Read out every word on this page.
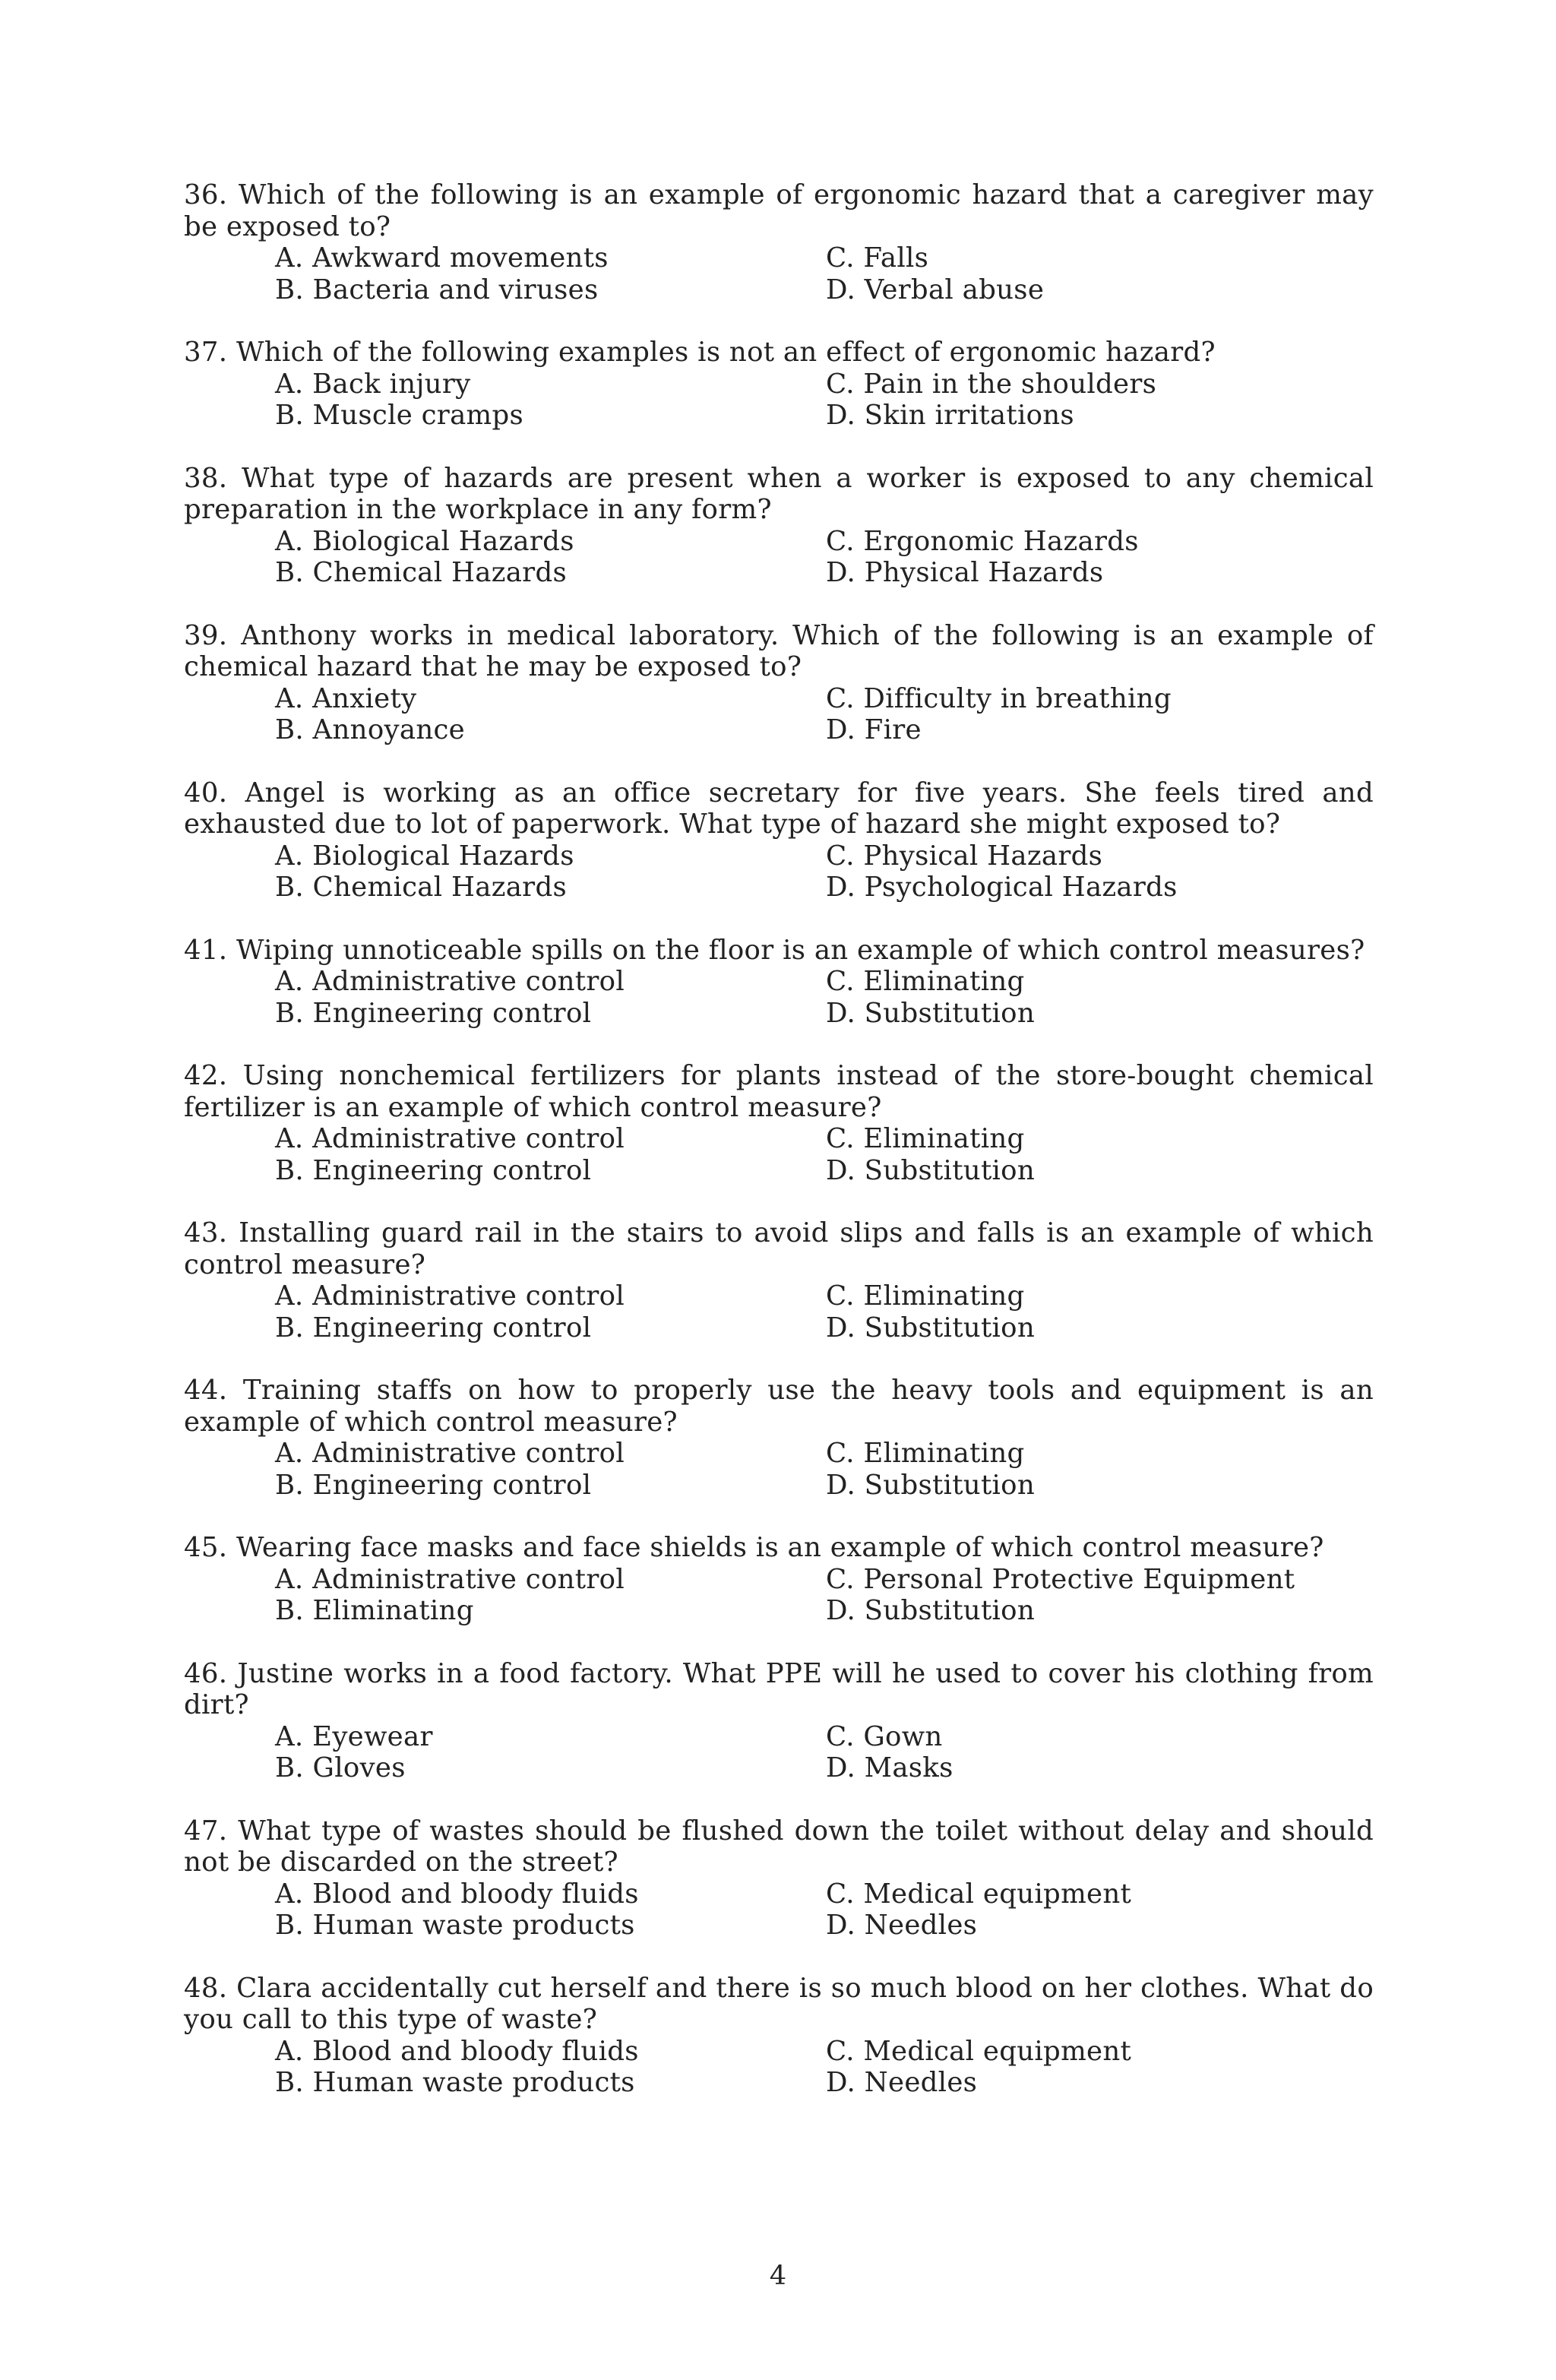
36. Which of the following is an example of ergonomic hazard that a caregiver may be exposed to?
A. Awkward movements	C. Falls
B. Bacteria and viruses	D. Verbal abuse
37. Which of the following examples is not an effect of ergonomic hazard?
A. Back injury	C. Pain in the shoulders
B. Muscle cramps	D. Skin irritations
38. What type of hazards are present when a worker is exposed to any chemical preparation in the workplace in any form?
A. Biological Hazards	C. Ergonomic Hazards
B. Chemical Hazards	D. Physical Hazards
39. Anthony works in medical laboratory. Which of the following is an example of chemical hazard that he may be exposed to?
A. Anxiety	C. Difficulty in breathing
B. Annoyance	D. Fire
40. Angel is working as an office secretary for five years. She feels tired and exhausted due to lot of paperwork. What type of hazard she might exposed to?
A. Biological Hazards	C. Physical Hazards
B. Chemical Hazards	D. Psychological Hazards
41. Wiping unnoticeable spills on the floor is an example of which control measures?
A. Administrative control	C. Eliminating
B. Engineering control	D. Substitution
42. Using nonchemical fertilizers for plants instead of the store-bought chemical fertilizer is an example of which control measure?
A. Administrative control	C. Eliminating
B. Engineering control	D. Substitution
43. Installing guard rail in the stairs to avoid slips and falls is an example of which control measure?
A. Administrative control	C. Eliminating
B. Engineering control	D. Substitution
44. Training staffs on how to properly use the heavy tools and equipment is an example of which control measure?
A. Administrative control	C. Eliminating
B. Engineering control	D. Substitution
45. Wearing face masks and face shields is an example of which control measure?
A. Administrative control	C. Personal Protective Equipment
B. Eliminating	D. Substitution
46. Justine works in a food factory. What PPE will he used to cover his clothing from dirt?
A. Eyewear	C. Gown
B. Gloves	D. Masks
47. What type of wastes should be flushed down the toilet without delay and should not be discarded on the street?
A. Blood and bloody fluids	C. Medical equipment
B. Human waste products	D. Needles
48. Clara accidentally cut herself and there is so much blood on her clothes. What do you call to this type of waste?
A. Blood and bloody fluids	C. Medical equipment
B. Human waste products	D. Needles
4
